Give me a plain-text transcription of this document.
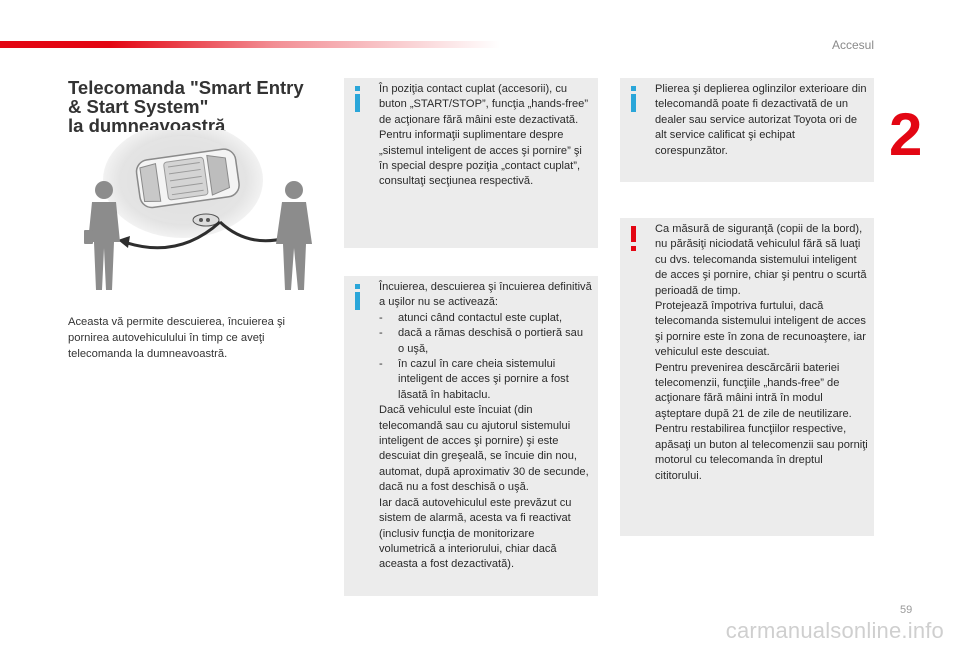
Accesul
2
59
carmanualsonline.info
Telecomanda "Smart Entry
& Start System"
la dumneavoastră

Aceasta vă permite descuierea, încuierea şi pornirea autovehiculului în timp ce aveţi telecomanda la dumneavoastră.

În poziţia contact cuplat (accesorii), cu buton „START/STOP”, funcţia „hands-free” de acţionare fără mâini este dezactivată.

Pentru informaţii suplimentare despre „sistemul inteligent de acces şi pornire” şi în special despre poziţia „contact cuplat”, consultaţi secţiunea respectivă.

Încuierea, descuierea şi încuierea definitivă a uşilor nu se activează:

- atunci când contactul este cuplat,
- dacă a rămas deschisă o portieră sau o uşă,
- în cazul în care cheia sistemului inteligent de acces şi pornire a fost lăsată în habitaclu.

Dacă vehiculul este încuiat (din telecomandă sau cu ajutorul sistemului inteligent de acces şi pornire) şi este descuiat din greşeală, se încuie din nou, automat, după aproximativ 30 de secunde, dacă nu a fost deschisă o uşă.

Iar dacă autovehiculul este prevăzut cu sistem de alarmă, acesta va fi reactivat (inclusiv funcţia de monitorizare volumetrică a interiorului, chiar dacă aceasta a fost dezactivată).

Plierea şi deplierea oglinzilor exterioare din telecomandă poate fi dezactivată de un dealer sau service autorizat Toyota ori de alt service calificat şi echipat corespunzător.

Ca măsură de siguranţă (copii de la bord), nu părăsiţi niciodată vehiculul fără să luaţi cu dvs. telecomanda sistemului inteligent de acces şi pornire, chiar şi pentru o scurtă perioadă de timp.

Protejează împotriva furtului, dacă telecomanda sistemului inteligent de acces şi pornire este în zona de recunoaştere, iar vehiculul este descuiat.

Pentru prevenirea descărcării bateriei telecomenzii, funcţiile „hands-free” de acţionare fără mâini intră în modul aşteptare după 21 de zile de neutilizare.

Pentru restabilirea funcţiilor respective, apăsaţi un buton al telecomenzii sau porniţi motorul cu telecomanda în dreptul cititorului.
